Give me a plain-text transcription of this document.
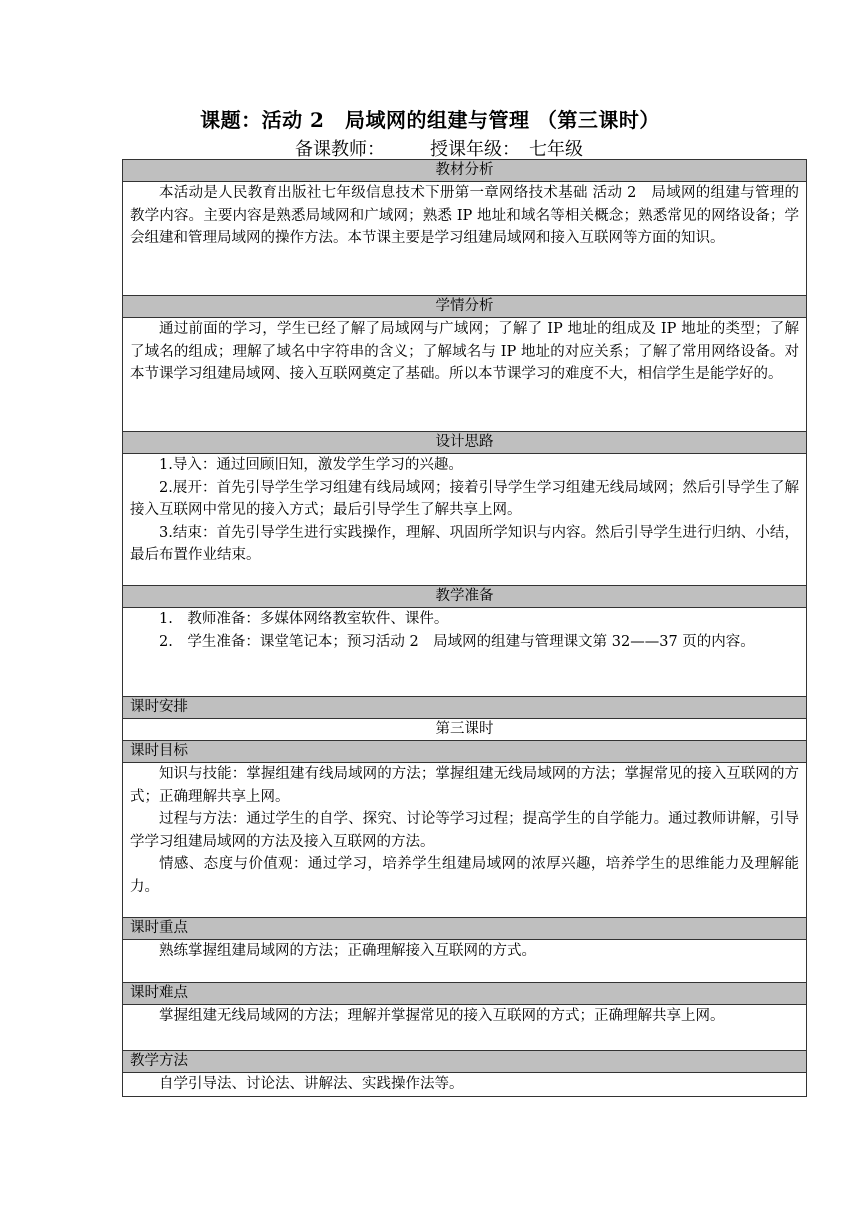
课题：活动 2　局域网的组建与管理 （第三课时）
备课教师：　　　授课年级：　七年级
教材分析

本活动是人民教育出版社七年级信息技术下册第一章网络技术基础 活动 2　局域网的组建与管理的教学内容。主要内容是熟悉局域网和广域网；熟悉 IP 地址和域名等相关概念；熟悉常见的网络设备；学会组建和管理局域网的操作方法。本节课主要是学习组建局域网和接入互联网等方面的知识。

学情分析

通过前面的学习，学生已经了解了局域网与广域网；了解了 IP 地址的组成及 IP 地址的类型；了解了域名的组成；理解了域名中字符串的含义；了解域名与 IP 地址的对应关系；了解了常用网络设备。对本节课学习组建局域网、接入互联网奠定了基础。所以本节课学习的难度不大，相信学生是能学好的。

设计思路

1.导入：通过回顾旧知，激发学生学习的兴趣。

2.展开：首先引导学生学习组建有线局域网；接着引导学生学习组建无线局域网；然后引导学生了解接入互联网中常见的接入方式；最后引导学生了解共享上网。

3.结束：首先引导学生进行实践操作，理解、巩固所学知识与内容。然后引导学生进行归纳、小结，最后布置作业结束。

教学准备

1.　教师准备：多媒体网络教室软件、课件。

2.　学生准备：课堂笔记本；预习活动 2　局域网的组建与管理课文第 32——37 页的内容。

课时安排
第三课时
课时目标

知识与技能：掌握组建有线局域网的方法；掌握组建无线局域网的方法；掌握常见的接入互联网的方式；正确理解共享上网。

过程与方法：通过学生的自学、探究、讨论等学习过程；提高学生的自学能力。通过教师讲解，引导学学习组建局域网的方法及接入互联网的方法。

情感、态度与价值观：通过学习，培养学生组建局域网的浓厚兴趣，培养学生的思维能力及理解能力。

课时重点

熟练掌握组建局域网的方法；正确理解接入互联网的方式。

课时难点

掌握组建无线局域网的方法；理解并掌握常见的接入互联网的方式；正确理解共享上网。

教学方法

自学引导法、讨论法、讲解法、实践操作法等。
